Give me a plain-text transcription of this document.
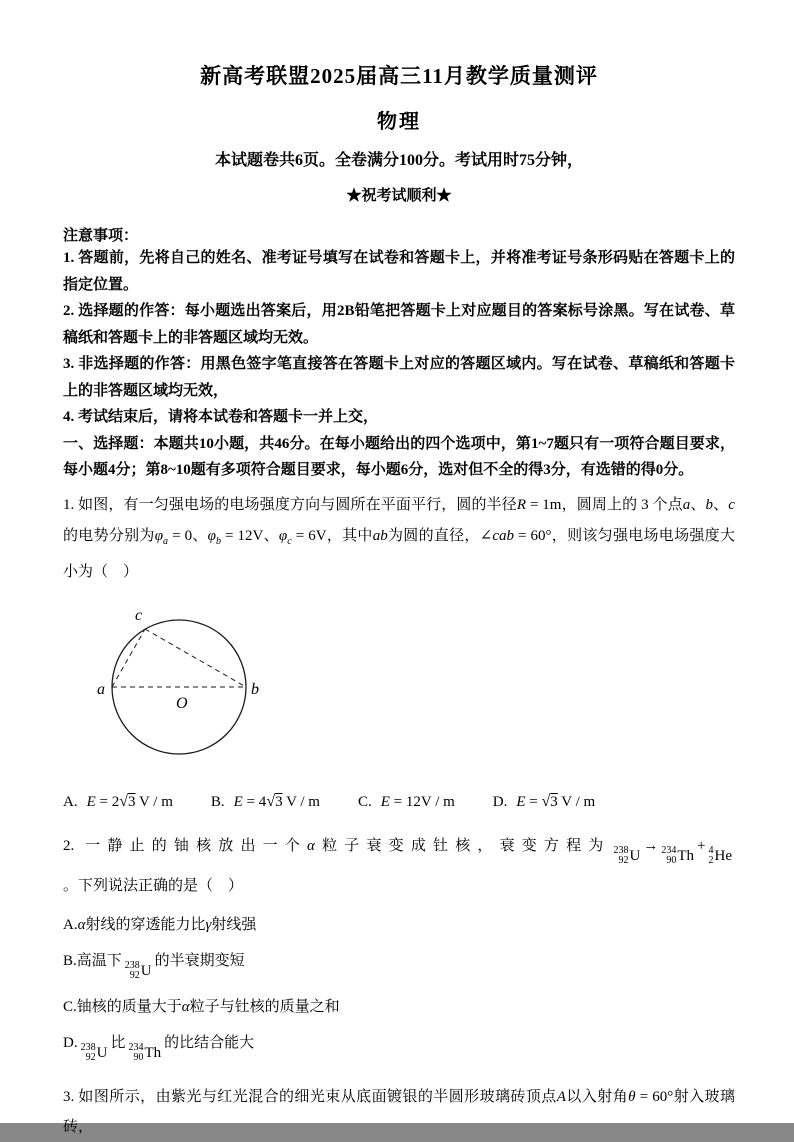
新高考联盟2025届高三11月教学质量测评
物理

本试题卷共6页。全卷满分100分。考试用时75分钟，

★祝考试顺利★

注意事项：

1. 答题前，先将自己的姓名、准考证号填写在试卷和答题卡上，并将准考证号条形码贴在答题卡上的指定位置。

2. 选择题的作答：每小题选出答案后，用2B铅笔把答题卡上对应题目的答案标号涂黑。写在试卷、草稿纸和答题卡上的非答题区域均无效。

3. 非选择题的作答：用黑色签字笔直接答在答题卡上对应的答题区域内。写在试卷、草稿纸和答题卡上的非答题区域均无效，

4. 考试结束后，请将本试卷和答题卡一并上交，

一、选择题：本题共10小题，共46分。在每小题给出的四个选项中，第1~7题只有一项符合题目要求，每小题4分；第8~10题有多项符合题目要求，每小题6分，选对但不全的得3分，有选错的得0分。

1. 如图，有一匀强电场的电场强度方向与圆所在平面平行，圆的半径R = 1m，圆周上的 3 个点a、b、c的电势分别为$\varphi_a = 0$、$\varphi_b = 12V$、$\varphi_c = 6V$，其中ab为圆的直径，∠cab = 60°，则该匀强电场电场强度大小为（　）

a	b
c
O
A. E = 2√3 V / m	B. E = 4√3 V / m	C. E = 12V / m	D. E = √3 V / m

2. 一静止的铀核放出一个α粒子衰变成钍核，衰变方程为 238
92 U
→ 234
90 Th
+ 4
2 He
。下列说法正确的是（　）

A.α射线的穿透能力比γ射线强

B.高温下 238
92 U
的半衰期变短

C.铀核的质量大于α粒子与钍核的质量之和

D. 238
92 U
比 234
90 Th
的比结合能大

3. 如图所示，由紫光与红光混合的细光束从底面镀银的半圆形玻璃砖顶点A以入射角θ = 60°射入玻璃砖，
